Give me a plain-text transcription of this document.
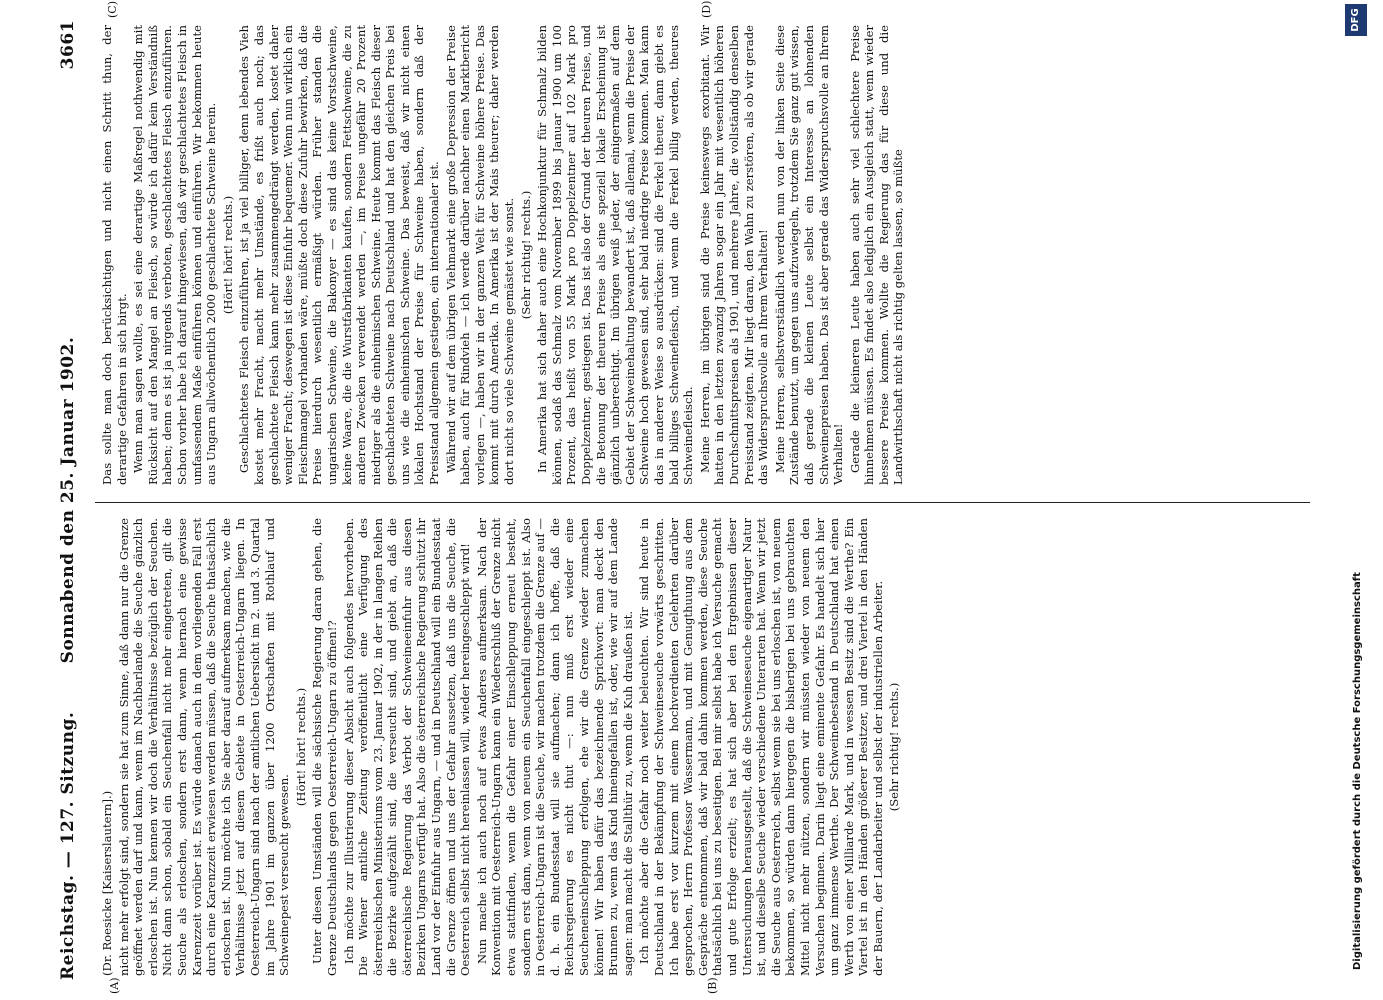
Reichstag. — 127. Sitzung.
Sonnabend den 25. Januar 1902.
3661
(A)	(B)
(C)	(D)

(Dr. Roesicke [Kaiserslautern].) nicht mehr erfolgt sind, sondern sie hat zum Sinne, daß dann nur die Grenze geöffnet werden darf und kann, wenn im Nachbarlande die Seuche gänzlich erloschen ist. Nun kennen wir doch die Verhältnisse bezüglich der Seuchen. Nicht dann schon, sobald ein Seuchenfall nicht mehr eingetreten, gilt die Seuche als erloschen, sondern erst dann, wenn hiernach eine gewisse Karenzzeit vorüber ist. Es würde danach auch in dem vorliegenden Fall erst durch eine Karenzzeit erwiesen werden müssen, daß die Seuche thatsächlich erloschen ist. Nun möchte ich Sie aber darauf aufmerksam machen, wie die Verhältnisse jetzt auf diesem Gebiete in Oesterreich-Ungarn liegen. In Oesterreich-Ungarn sind nach der amtlichen Uebersicht im 2. und 3. Quartal im Jahre 1901 im ganzen über 1200 Ortschaften mit Rothlauf und Schweinepest verseucht gewesen.

(Hört! hört! rechts.) Unter diesen Umständen will die sächsische Regierung daran gehen, die Grenze Deutschlands gegen Oesterreich-Ungarn zu öffnen!? Ich möchte zur Illustrierung dieser Absicht auch folgendes hervorheben. Die Wiener amtliche Zeitung veröffentlicht eine Verfügung des österreichischen Ministeriums vom 23. Januar 1902, in der in langen Reihen die Bezirke aufgezählt sind, die verseucht sind, und giebt an, daß die österreichische Regierung das Verbot der Schweineeinfuhr aus diesen Bezirken Ungarns verfügt hat. Also die österreichische Regierung schützt ihr Land vor der Einfuhr aus Ungarn, — und in Deutschland will ein Bundesstaat die Grenze öffnen und uns der Gefahr aussetzen, daß uns die Seuche, die Oesterreich selbst nicht hereinlassen will, wieder hereingeschleppt wird! Nun mache ich auch noch auf etwas Anderes aufmerksam. Nach der Konvention mit Oesterreich-Ungarn kann ein Wiederschluß der Grenze nicht etwa stattfinden, wenn die Gefahr einer Einschleppung erneut besteht, sondern erst dann, wenn von neuem ein Seuchenfall eingeschleppt ist. Also in Oesterreich-Ungarn ist die Seuche, wir machen trotzdem die Grenze auf — d. h. ein Bundesstaat will sie aufmachen; dann ich hoffe, daß die Reichsregierung es nicht thut —: nun muß erst wieder eine Seucheneinschleppung erfolgen, ehe wir die Grenze wieder zumachen können! Wir haben dafür das bezeichnende Sprichwort: man deckt den Brunnen zu, wenn das Kind hineingefallen ist, oder, wie wir auf dem Lande sagen: man macht die Stallthür zu, wenn die Kuh draußen ist. Ich möchte aber die Gefahr noch weiter beleuchten. Wir sind heute in Deutschland in der Bekämpfung der Schweineseuche vorwärts geschritten. Ich habe erst vor kurzem mit einem hochverdienten Gelehrten darüber gesprochen, Herrn Professor Wassermann, und mit Genugthuung aus dem Gespräche entnommen, daß wir bald dahin kommen werden, diese Seuche thatsächlich bei uns zu beseitigen. Bei mir selbst habe ich Versuche gemacht und gute Erfolge erzielt; es hat sich aber bei den Ergebnissen dieser Untersuchungen herausgestellt, daß die Schweineseuche eigenartiger Natur ist, und dieselbe Seuche wieder verschiedene Unterarten hat. Wenn wir jetzt die Seuche aus Oesterreich, selbst wenn sie bei uns erloschen ist, von neuem bekommen, so würden dann hiergegen die bisherigen bei uns gebrauchten Mittel nicht mehr nützen, sondern wir müssten wieder von neuem den Versuchen beginnen. Darin liegt eine eminente Gefahr. Es handelt sich hier um ganz immense Werthe. Der Schweinebestand in Deutschland hat einen Werth von einer Milliarde Mark, und in wessen Besitz sind die Werthe? Ein Viertel ist in den Händen größerer Besitzer, und drei Viertel in den Händen der Bauern, der Landarbeiter und selbst der industriellen Arbeiter. (Sehr richtig! rechts.)

Das sollte man doch berücksichtigen und nicht einen Schritt thun, der derartige Gefahren in sich birgt. Wenn man sagen wollte, es sei eine derartige Maßregel nothwendig mit Rücksicht auf den Mangel an Fleisch, so würde ich dafür kein Verständniß haben; denn es ist ja nirgends verboten, geschlachtetes Fleisch einzuführen. Schon vorher habe ich darauf hingewiesen, daß wir geschlachtetes Fleisch in umfassendem Maße einführen können und einführen. Wir bekommen heute aus Ungarn allwöchentlich 2000 geschlachtete Schweine herein. (Hört! hört! rechts.) Geschlachtetes Fleisch einzuführen, ist ja viel billiger, denn lebendes Vieh kostet mehr Fracht, macht mehr Umstände, es frißt auch noch; das geschlachtete Fleisch kann mehr zusammengedrängt werden, kostet daher weniger Fracht; deswegen ist diese Einfuhr bequemer. Wenn nun wirklich ein Fleischmangel vorhanden wäre, müßte doch diese Zufuhr bewirken, daß die Preise hierdurch wesentlich ermäßigt würden. Früher standen die ungarischen Schweine, die Bakonyer — es sind das keine Vorstschweine, keine Waare, die die Wurstfabrikanten kaufen, sondern Fettschweine, die zu anderen Zwecken verwendet werden —, im Preise ungefähr 20 Prozent niedriger als die einheimischen Schweine. Heute kommt das Fleisch dieser geschlachteten Schweine nach Deutschland und hat den gleichen Preis bei uns wie die einheimischen Schweine. Das beweist, daß wir nicht einen lokalen Hochstand der Preise für Schweine haben, sondern daß der Preisstand allgemein gestiegen, ein internationaler ist. Während wir auf dem übrigen Viehmarkt eine große Depression der Preise haben, auch für Rindvieh — ich werde darüber nachher einen Marktbericht vorlegen —, haben wir in der ganzen Welt für Schweine höhere Preise. Das kommt mit durch Amerika. In Amerika ist der Mais theurer; daher werden dort nicht so viele Schweine gemästet wie sonst. (Sehr richtig! rechts.) In Amerika hat sich daher auch eine Hochkonjunktur für Schmalz bilden können, sodaß das Schmalz vom November 1899 bis Januar 1900 um 100 Prozent, das heißt von 55 Mark pro Doppelzentner auf 102 Mark pro Doppelzentner, gestiegen ist. Das ist also der Grund der theuren Preise, und die Betonung der theuren Preise als eine speziell lokale Erscheinung ist gänzlich unberechtigt. Im übrigen weiß jeder, der einigermaßen auf dem Gebiet der Schweinehaltung bewandert ist, daß allemal, wenn die Preise der Schweine hoch gewesen sind, sehr bald niedrige Preise kommen. Man kann das in anderer Weise so ausdrücken: sind die Ferkel theuer, dann giebt es bald billiges Schweinefleisch, und wenn die Ferkel billig werden, theures Schweinefleisch. Meine Herren, im übrigen sind die Preise keineswegs exorbitant. Wir hatten in den letzten zwanzig Jahren sogar ein Jahr mit wesentlich höheren Durchschnittspreisen als 1901, und mehrere Jahre, die vollständig denselben Preisstand zeigten. Mir liegt daran, den Wahn zu zerstören, als ob wir gerade das Widerspruchsvolle an Ihrem Verhalten! Meine Herren, selbstverständlich werden nun von der linken Seite diese Zustände benutzt, um gegen uns aufzuwiegeln, trotzdem Sie ganz gut wissen, daß gerade die kleinen Leute selbst ein Interesse an lohnenden Schweinepreisen haben. Das ist aber gerade das Widerspruchsvolle an Ihrem Verhalten! Gerade die kleineren Leute haben auch sehr viel schlechtere Preise hinnehmen müssen. Es findet also lediglich ein Ausgleich statt, wenn wieder bessere Preise kommen. Wollte die Regierung das für diese und die Landwirthschaft nicht als richtig gelten lassen, so müßte

Digitalisierung gefördert durch die Deutsche Forschungsgemeinschaft
DFG
